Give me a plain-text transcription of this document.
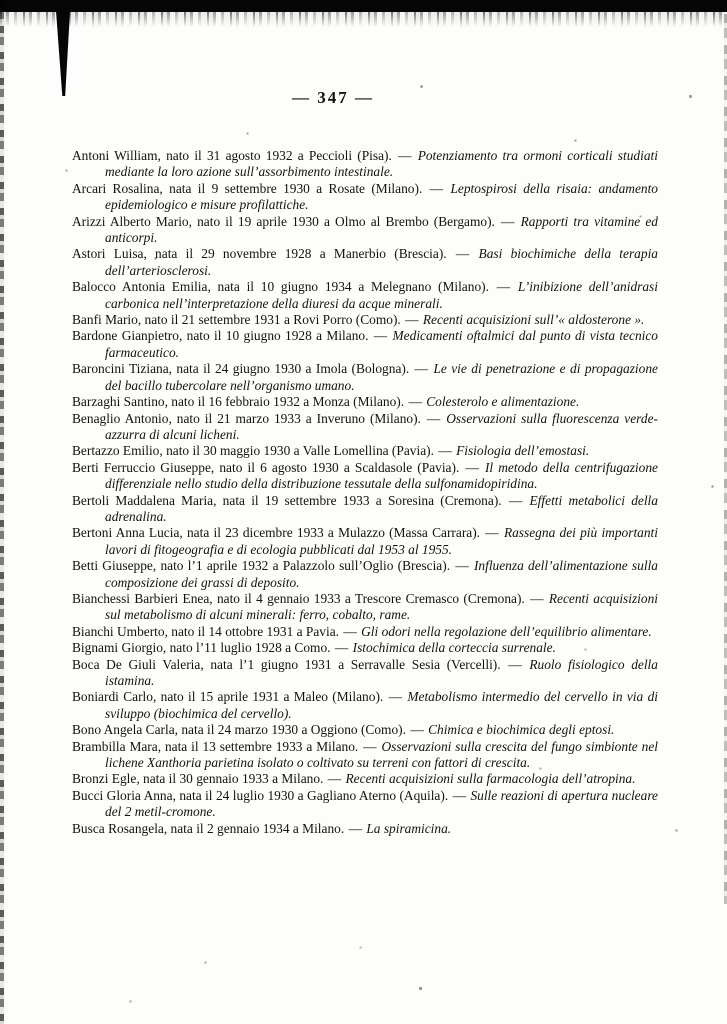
— 347 —

Antoni William, nato il 31 agosto 1932 a Peccioli (Pisa). — Potenziamento tra ormoni corticali studiati mediante la loro azione sull’assorbimento intestinale.

Arcari Rosalina, nata il 9 settembre 1930 a Rosate (Milano). — Leptospirosi della risaia: andamento epidemiologico e misure profilattiche.

Arizzi Alberto Mario, nato il 19 aprile 1930 a Olmo al Brembo (Bergamo). — Rapporti tra vitamine ed anticorpi.

Astori Luisa, nata il 29 novembre 1928 a Manerbio (Brescia). — Basi biochimiche della terapia dell’arteriosclerosi.

Balocco Antonia Emilia, nata il 10 giugno 1934 a Melegnano (Milano). — L’inibizione dell’anidrasi carbonica nell’interpretazione della diuresi da acque minerali.

Banfi Mario, nato il 21 settembre 1931 a Rovi Porro (Como). — Recenti acquisizioni sull’« aldosterone ».

Bardone Gianpietro, nato il 10 giugno 1928 a Milano. — Medicamenti oftalmici dal punto di vista tecnico farmaceutico.

Baroncini Tiziana, nata il 24 giugno 1930 a Imola (Bologna). — Le vie di penetrazione e di propagazione del bacillo tubercolare nell’organismo umano.

Barzaghi Santino, nato il 16 febbraio 1932 a Monza (Milano). — Colesterolo e alimentazione.

Benaglio Antonio, nato il 21 marzo 1933 a Inveruno (Milano). — Osservazioni sulla fluorescenza verde-azzurra di alcuni licheni.

Bertazzo Emilio, nato il 30 maggio 1930 a Valle Lomellina (Pavia). — Fisiologia dell’emostasi.

Berti Ferruccio Giuseppe, nato il 6 agosto 1930 a Scaldasole (Pavia). — Il metodo della centrifugazione differenziale nello studio della distribuzione tessutale della sulfonamidopiridina.

Bertoli Maddalena Maria, nata il 19 settembre 1933 a Soresina (Cremona). — Effetti metabolici della adrenalina.

Bertoni Anna Lucia, nata il 23 dicembre 1933 a Mulazzo (Massa Carrara). — Rassegna dei più importanti lavori di fitogeografia e di ecologia pubblicati dal 1953 al 1955.

Betti Giuseppe, nato l’1 aprile 1932 a Palazzolo sull’Oglio (Brescia). — Influenza dell’alimentazione sulla composizione dei grassi di deposito.

Bianchessi Barbieri Enea, nato il 4 gennaio 1933 a Trescore Cremasco (Cremona). — Recenti acquisizioni sul metabolismo di alcuni minerali: ferro, cobalto, rame.

Bianchi Umberto, nato il 14 ottobre 1931 a Pavia. — Gli odori nella regolazione dell’equilibrio alimentare.

Bignami Giorgio, nato l’11 luglio 1928 a Como. — Istochimica della corteccia surrenale.

Boca De Giuli Valeria, nata l’1 giugno 1931 a Serravalle Sesia (Vercelli). — Ruolo fisiologico della istamina.

Boniardi Carlo, nato il 15 aprile 1931 a Maleo (Milano). — Metabolismo intermedio del cervello in via di sviluppo (biochimica del cervello).

Bono Angela Carla, nata il 24 marzo 1930 a Oggiono (Como). — Chimica e biochimica degli eptosi.

Brambilla Mara, nata il 13 settembre 1933 a Milano. — Osservazioni sulla crescita del fungo simbionte nel lichene Xanthoria parietina isolato o coltivato su terreni con fattori di crescita.

Bronzi Egle, nata il 30 gennaio 1933 a Milano. — Recenti acquisizioni sulla farmacologia dell’atropina.

Bucci Gloria Anna, nata il 24 luglio 1930 a Gagliano Aterno (Aquila). — Sulle reazioni di apertura nucleare del 2 metil-cromone.

Busca Rosangela, nata il 2 gennaio 1934 a Milano. — La spiramicina.
